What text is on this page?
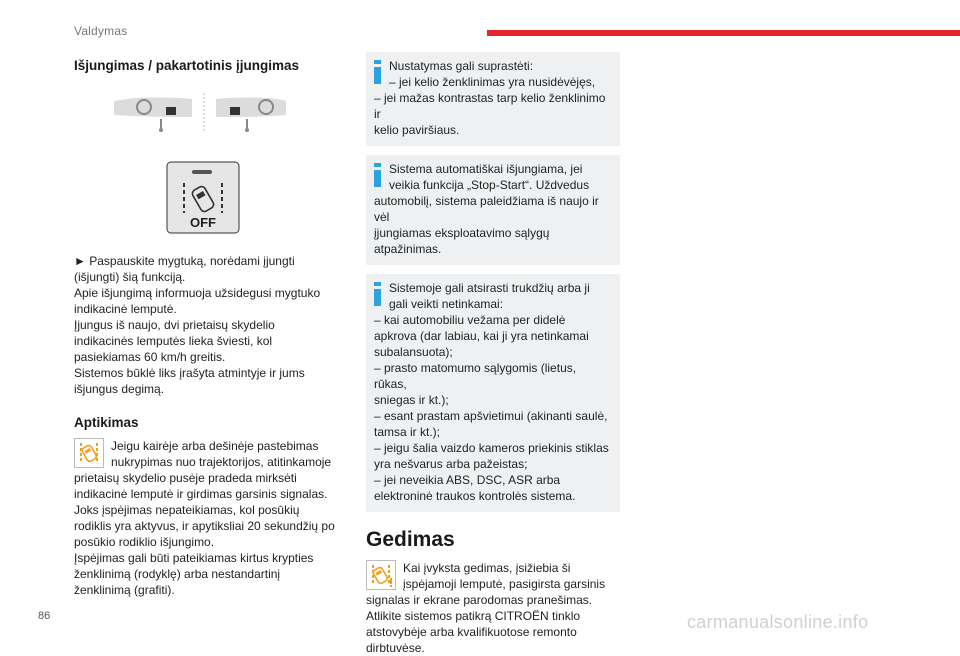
Valdymas
Išjungimas / pakartotinis įjungimas
OFF

► Paspauskite mygtuką, norėdami įjungti

(išjungti) šią funkciją.

Apie išjungimą informuoja užsidegusi mygtuko

indikacinė lemputė.

Įjungus iš naujo, dvi prietaisų skydelio

indikacinės lemputės lieka šviesti, kol

pasiekiamas 60 km/h greitis.

Sistemos būklė liks įrašyta atmintyje ir jums

išjungus degimą.

Aptikimas

Jeigu kairėje arba dešinėje pastebimas

nukrypimas nuo trajektorijos, atitinkamoje

prietaisų skydelio pusėje pradeda mirksėti

indikacinė lemputė ir girdimas garsinis signalas.

Joks įspėjimas nepateikiamas, kol posūkių

rodiklis yra aktyvus, ir apytiksliai 20 sekundžių po

posūkio rodiklio išjungimo.

Įspėjimas gali būti pateikiamas kirtus krypties

ženklinimą (rodyklę) arba nestandartinį

ženklinimą (grafiti).

Nustatymas gali suprastėti:

– jei kelio ženklinimas yra nusidėvėjęs,

– jei mažas kontrastas tarp kelio ženklinimo ir

kelio paviršiaus.

Sistema automatiškai išjungiama, jei

veikia funkcija „Stop-Start“. Uždvedus

automobilį, sistema paleidžiama iš naujo ir vėl

įjungiamas eksploatavimo sąlygų

atpažinimas.

Sistemoje gali atsirasti trukdžių arba ji

gali veikti netinkamai:

– kai automobiliu vežama per didelė

apkrova (dar labiau, kai ji yra netinkamai

subalansuota);

– prasto matomumo sąlygomis (lietus, rūkas,

sniegas ir kt.);

– esant prastam apšvietimui (akinanti saulė,

tamsa ir kt.);

– jeigu šalia vaizdo kameros priekinis stiklas

yra nešvarus arba pažeistas;

– jei neveikia ABS, DSC, ASR arba

elektroninė traukos kontrolės sistema.

Gedimas

Kai įvyksta gedimas, įsižiebia ši

įspėjamoji lemputė, pasigirsta garsinis

signalas ir ekrane parodomas pranešimas.

Atlikite sistemos patikrą CITROËN tinklo

atstovybėje arba kvalifikuotose remonto

dirbtuvėse.

86	carmanualsonline.info
